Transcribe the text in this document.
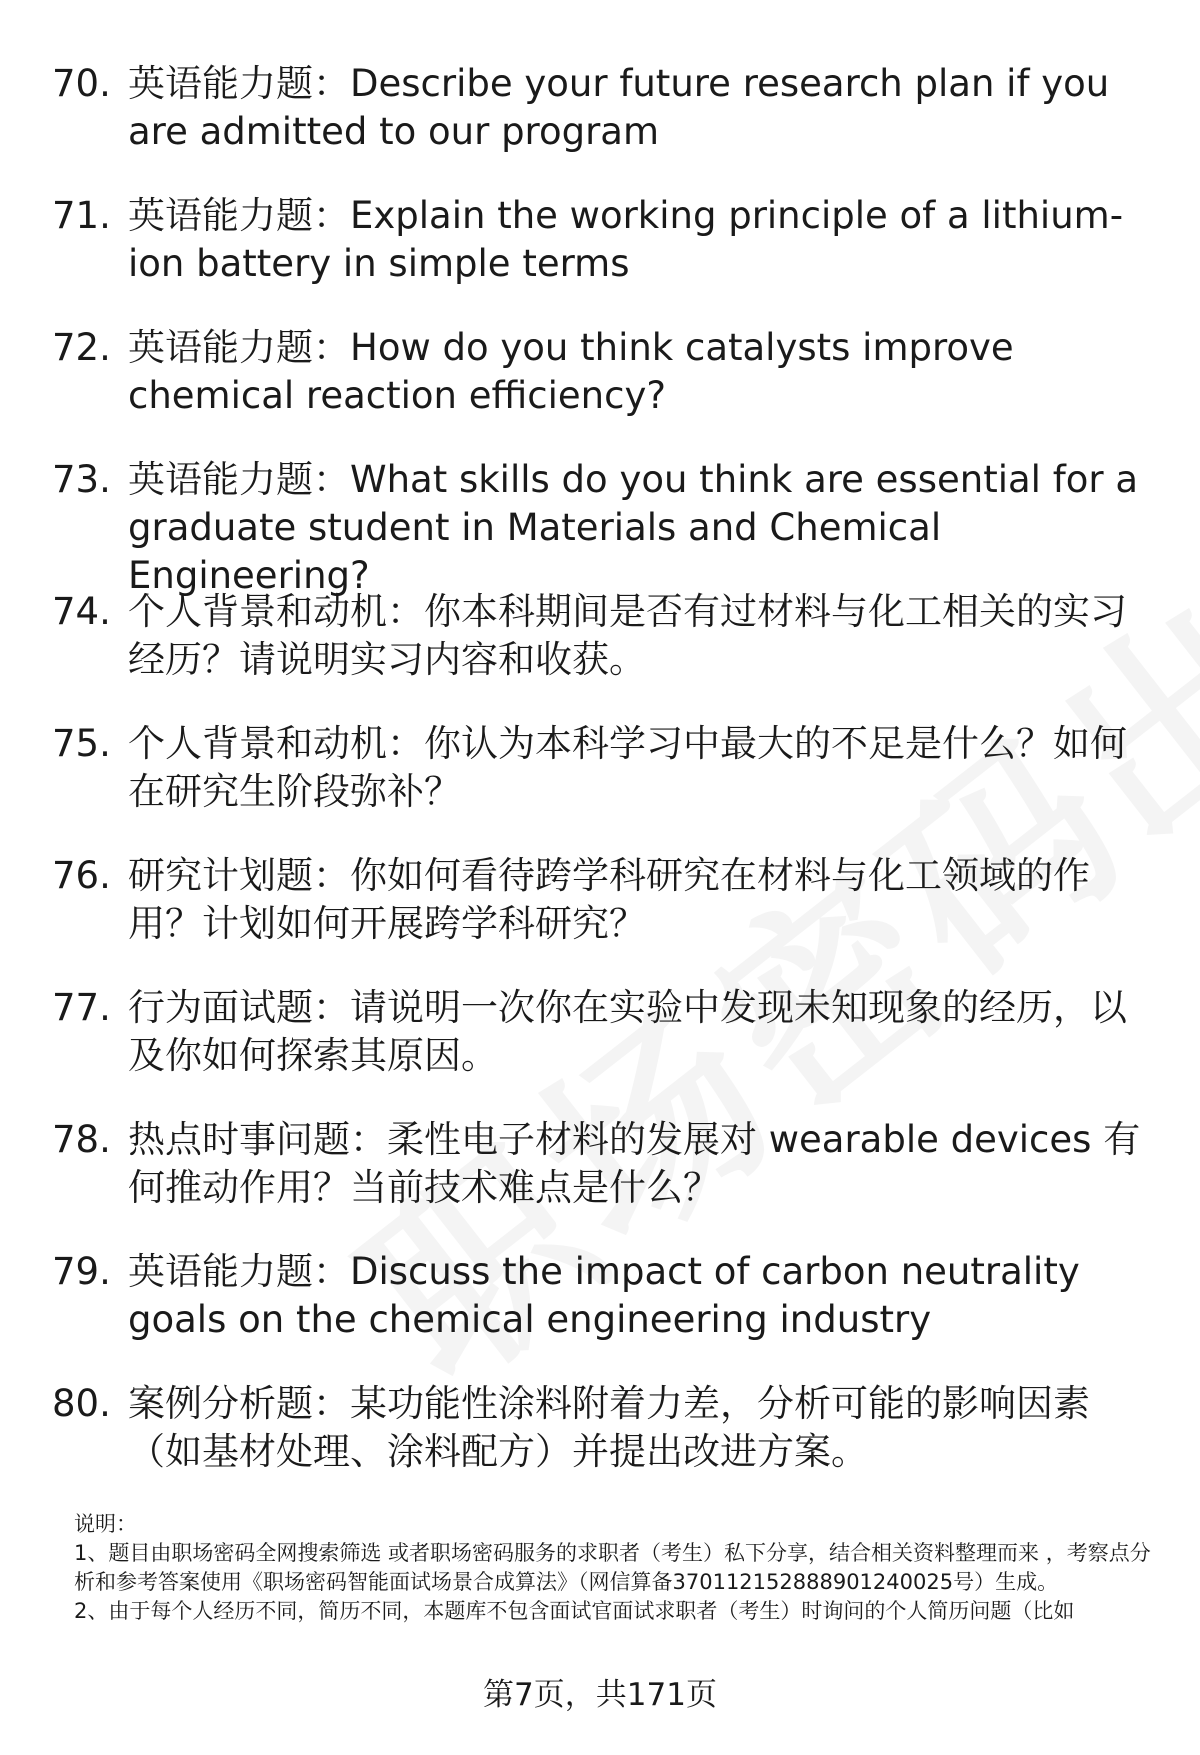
70. 英语能力题：Describe your future research plan if you are admitted to our program
71. 英语能力题：Explain the working principle of a lithium-ion battery in simple terms
72. 英语能力题：How do you think catalysts improve chemical reaction efficiency?
73. 英语能力题：What skills do you think are essential for a graduate student in Materials and Chemical Engineering?
74. 个人背景和动机：你本科期间是否有过材料与化工相关的实习经历？请说明实习内容和收获。
75. 个人背景和动机：你认为本科学习中最大的不足是什么？如何在研究生阶段弥补？
76. 研究计划题：你如何看待跨学科研究在材料与化工领域的作用？计划如何开展跨学科研究？
77. 行为面试题：请说明一次你在实验中发现未知现象的经历，以及你如何探索其原因。
78. 热点时事问题：柔性电子材料的发展对 wearable devices 有何推动作用？当前技术难点是什么？
79. 英语能力题：Discuss the impact of carbon neutrality goals on the chemical engineering industry
80. 案例分析题：某功能性涂料附着力差，分析可能的影响因素（如基材处理、涂料配方）并提出改进方案。

说明：

1、题目由职场密码全网搜索筛选 或者职场密码服务的求职者（考生）私下分享，结合相关资料整理而来 ，考察点分析和参考答案使用《职场密码智能面试场景合成算法》（网信算备370112152888901240025号）生成。

2、由于每个人经历不同，简历不同，本题库不包含面试官面试求职者（考生）时询问的个人简历问题（比如

第7页，共171页
